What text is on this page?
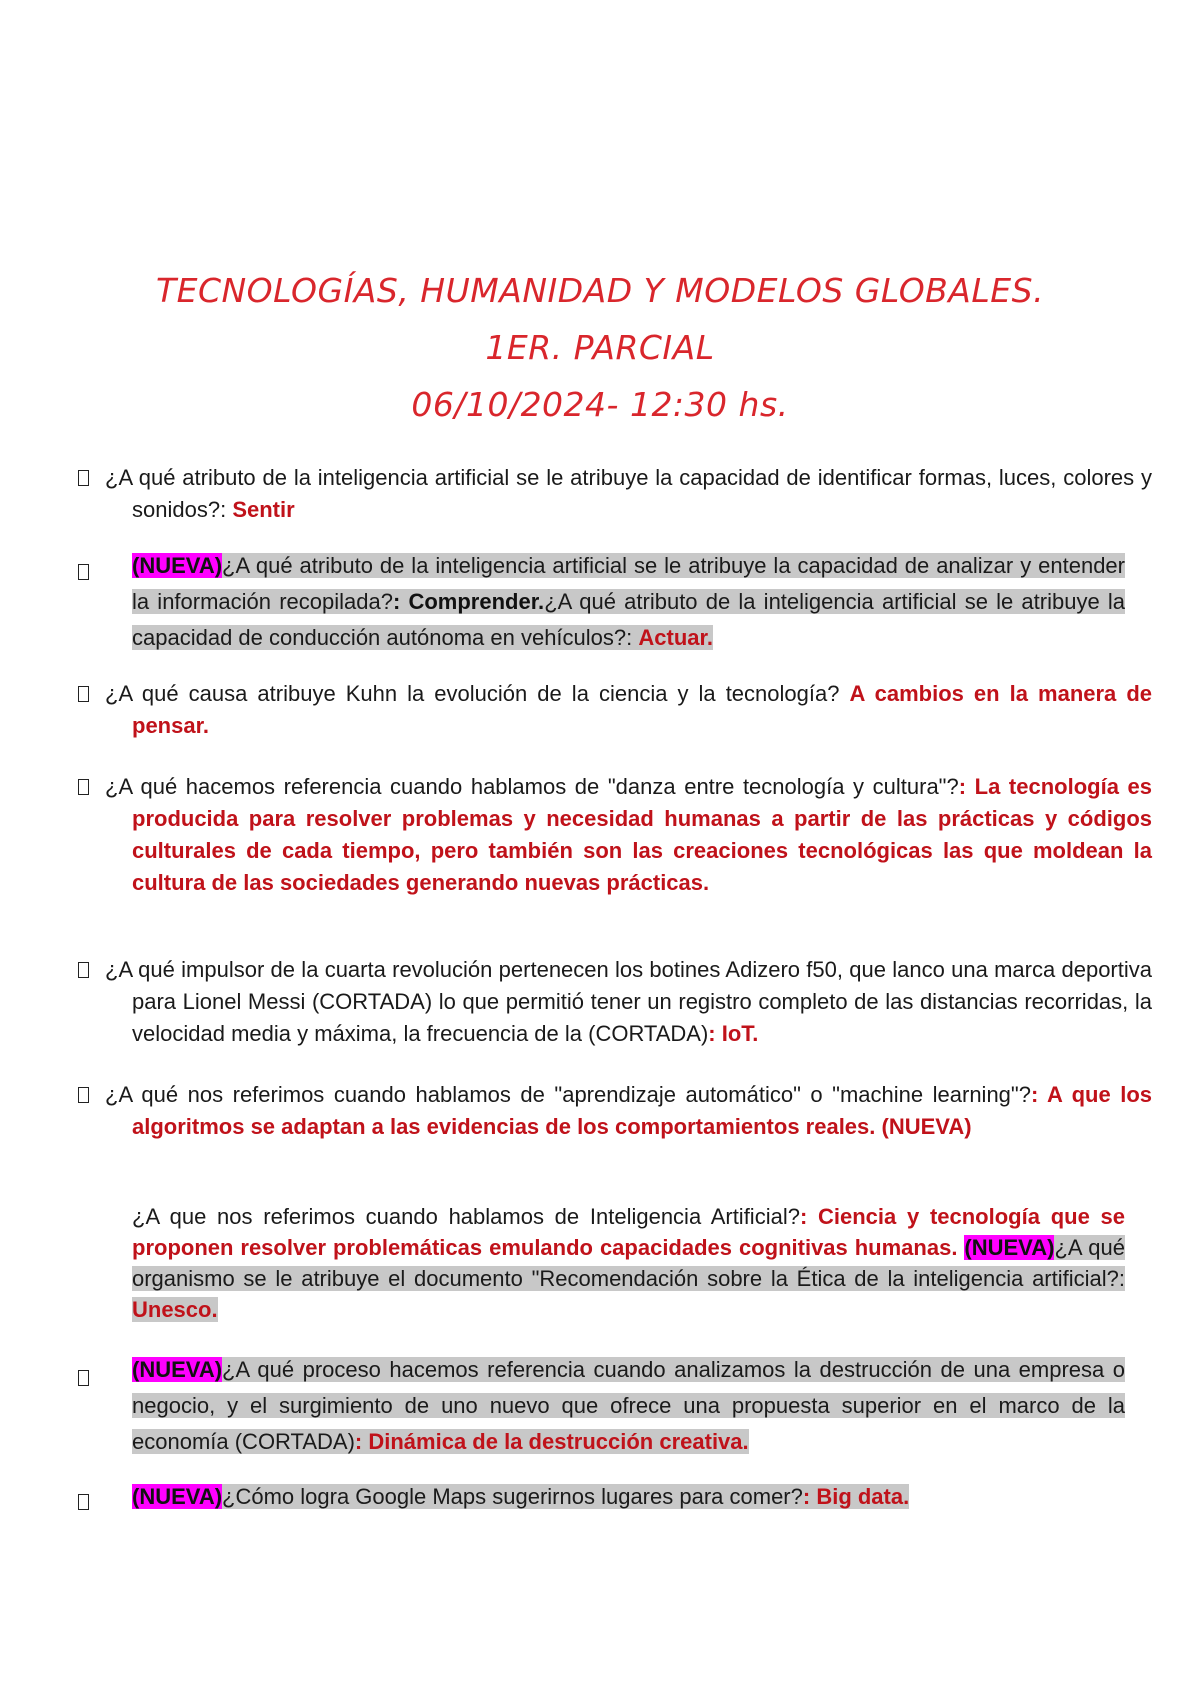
TECNOLOGÍAS, HUMANIDAD Y MODELOS GLOBALES.
1ER. PARCIAL
06/10/2024- 12:30 hs.
¿A qué atributo de la inteligencia artificial se le atribuye la capacidad de identificar formas, luces, colores y sonidos?: Sentir
(NUEVA)¿A qué atributo de la inteligencia artificial se le atribuye la capacidad de analizar y entender la información recopilada?: Comprender.¿A qué atributo de la inteligencia artificial se le atribuye la capacidad de conducción autónoma en vehículos?: Actuar.
¿A qué causa atribuye Kuhn la evolución de la ciencia y la tecnología? A cambios en la manera de pensar.
¿A qué hacemos referencia cuando hablamos de "danza entre tecnología y cultura"?: La tecnología es producida para resolver problemas y necesidad humanas a partir de las prácticas y códigos culturales de cada tiempo, pero también son las creaciones tecnológicas las que moldean la cultura de las sociedades generando nuevas prácticas.
¿A qué impulsor de la cuarta revolución pertenecen los botines Adizero f50, que lanco una marca deportiva para Lionel Messi (CORTADA) lo que permitió tener un registro completo de las distancias recorridas, la velocidad media y máxima, la frecuencia de la (CORTADA): IoT.
¿A qué nos referimos cuando hablamos de "aprendizaje automático" o "machine learning"?: A que los algoritmos se adaptan a las evidencias de los comportamientos reales. (NUEVA)
¿A que nos referimos cuando hablamos de Inteligencia Artificial?: Ciencia y tecnología que se proponen resolver problemáticas emulando capacidades cognitivas humanas. (NUEVA)¿A qué organismo se le atribuye el documento "Recomendación sobre la Ética de la inteligencia artificial?: Unesco.
(NUEVA)¿A qué proceso hacemos referencia cuando analizamos la destrucción de una empresa o negocio, y el surgimiento de uno nuevo que ofrece una propuesta superior en el marco de la economía (CORTADA): Dinámica de la destrucción creativa.
(NUEVA)¿Cómo logra Google Maps sugerirnos lugares para comer?: Big data.
